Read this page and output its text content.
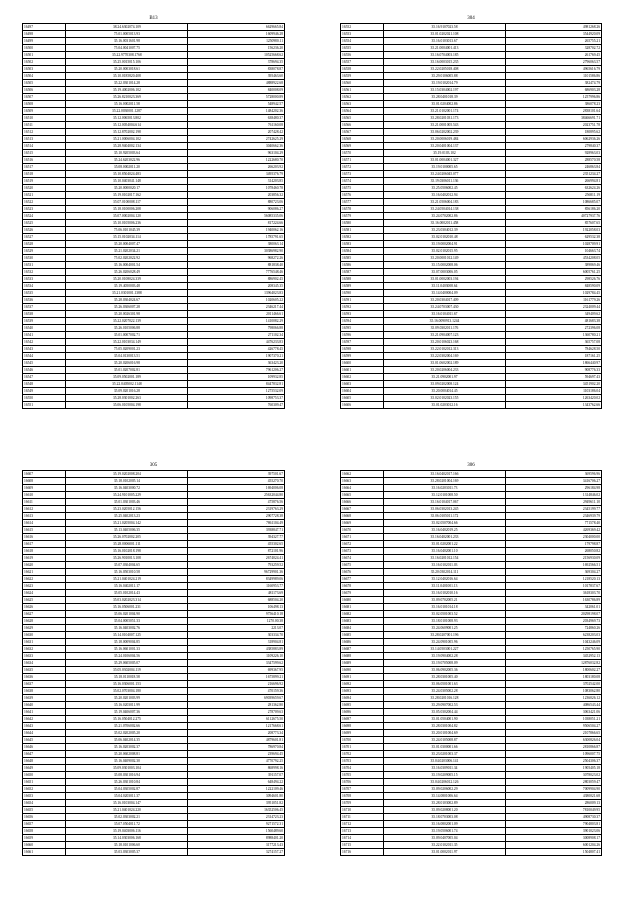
B13
16497	38.24.6302074.109	6629665.84
16498	75.01.0005013.93	1609946.28
16499	35.16.0031601.98	1250980.11
16500	75.04.0041007.75	156236.20
16501	35.22.9770308.1768	10525668.62
16502	35.25.0015015.106	378694.35
16503	35.20.0003018.61	838078.87
16504	35.10.0185820.408	395463.60
16505	35.22.0301014.28	4888922.68
16506	35.19.4002006.102	840008.09
16507	35.26.8210023.369	5728000.89
16508	35.16.0002011.58	548942.57
16509	35.22.0030001.1287	1484202.36
16510	35.12.0065013.802	638480.37
16511	35.12.0054004.614	761160.08
16512	35.12.8702002.198	207428.42
16513	35.21.0006004.102	2742625.29
16514	35.28.9404002.134	3040662.36
16515	35.10.9205003.64	963104.29
16516	35.24.6203022.96	1222680.70
16517	35.08.0002011.20	266203.92
16518	35.10.8504024.483	3495376.79
16519	35.10.0403041.148	314203.85
16520	35.20.0000020.17	1078460.78
16521	35.19.0102017.162	203856.32
16522	35.07.0100008.117	880723.06
16523	35.18.0100006.208	906086.27
16524	35.07.0002004.120	56085335.06
16525	35.10.0105006.236	817224.66
16526	75.06.0101045.39	1940062.16
16527	35.15.0102034.114	1785791.65
16528	35.20.0004007.47	380063.14
16529	35.21.0202034.21	30386982.90
16530	75.02.0202022.92	968272.26
16531	35.16.0004001.54	881838.40
16532	35.26.0206028.49	7776548.46
16533	35.20.0108024.339	886902.45
16534	35.19.4050003.48	208345.35
16535	35.21.0301001.1388	13964023.83
16536	35.28.0304024.67	1020605.22
16537	35.26.0306007.28	2346217.44
16538	35.20.0026301.98	2011466.61
16539	35.22.0207022.139	1410082.29
16540	35.26.0105006.88	798066.88
16541	35.01.0007002.71	271102.34
16542	35.22.0103034.149	4476233.83
16543	75.05.0209001.23	426778.45
16544	35.04.0130013.51	1907370.21
16545	35.20.0206016.98	363423.20
16546	35.01.0207002.81	7961206.27
16547	35.09.0502001.189	109932.85
16548	35.22.0405002.1148	8447832.81
16549	35.09.0201016.28	1275532.09
16550	35.28.0301002.263	1098753.37
16551	35.06.0105004.198	760309.47
304
16552	35.16.9107023.58	4981268.26
16553	35.01.0202021.108	3544920.09
16554	35.16.0103013.67	265755.21
16555	35.21.0004001.413	328702.72
16556	35.16.0704003.185	261769.45
16557	35.16.0003015.235	2796063.57
16558	35.22.0205018.408	4965616.79
16559	35.29.0106005.88	1101586.86
16560	35.19.0102014.79	382474.79
16561	35.15.0304002.197	686903.28
16562	35.28.0401018.39	1257996.86
16563	35.01.0204002.86	386078.23
16564	35.21.0102001.174	2838101.64
16565	35.28.0201031.173	38466691.71
16566	35.21.0001005.543	2023751.78
16567	35.06.0202002.239	180895.62
16568	35.20.0006019.484	6062936.26
16569	35.20.0401004.137	279840.37
16570	35.19.0103.102	928963.03
16571	35.01.0004001.327	288570.58
16572	35.19.0100005.65	246863.84
16573	35.24.0206045.077	2351234.27
16574	35.19.0306011.136	266994.81
16575	35.25.0506002.45	632624.26
16576	35.16.0402012.94	256811.19
16577	35.21.0506004.183	1086685.07
16578	35.24.0504014.138	856186.20
16579	35.24.0702002.86	40727937.76
16580	35.16.0002011.458	857607.65
16581	35.23.0304012.39	1922058.03
16582	35.02.0102010.48	629532.38
16583	35.19.0002004.91	1028709.91
16584	35.02.0102015.95	104663.74
16585	35.20.0001012.149	4534208.05
16586	35.15.0002008.06	389869.46
16587	35.07.0003006.05	6005761.25
16588	35.01.0002003.194	298526.76
16589	35.11.0403008.64	848590.09
16590	35.14.0400004.09	1029784.45
16591	35.20.0304017.409	1161779.26
16592	35.24.0703007.430	2324009.44
16593	35.16.0104011.67	349409.62
16594	35.16.0090913.1244	481683.38
16595	35.09.0302011.176	272396.08
16596	35.21.0904007.123	1360780.21
16597	35.20.0106023.168	365757.08
16598	35.22.0102012.313	784628.50
16599	35.22.0302004.169	187161.25
16600	35.01.0602002.189	1866440.97
16601	35.20.0206004.233	908776.33
16602	35.21.0902001.97	594697.43
16603	35.09.0202008.124	3451902.20
16604	35.20.0004014.45	1103186.04
16605	35.02.0102023.155	1263420.02
16606	35.01.0203012.16	1343762.66
305
16607	35.19.0202008.204	397501.67
16608	35.18.0102005.14	455270.70
16609	35.16.0403000.72	1694006.08
16610	35.24.9101005.229	25632044.80
16611	35.01.0301003.46	475876.56
16612	35.23.0205012.156	2319763.29
16613	35.25.0402013.23	2907728.38
16614	35.21.0205004.142	7861104.49
16615	35.13.0405006.35	3938847.71
16616	35.26.0702002.205	394327.77
16617	35.28.0006001.111	455302.65
16618	35.16.0102018.198	872101.96
16619	35.26.9010013.108	2674024.41
16620	35.07.0304004.65	793259.52
16621	35.16.0503010.58	96729901.36
16622	35.21.0401024.219	8349989.06
16623	35.16.0402011.17	1160953.77
16624	35.05.0102014.43	481173.69
16625	35.03.0202023.314	688504.20
16626	35.16.0506001.231	106498.13
16627	35.06.0201004.90	9756410.18
16628	35.04.0005051.33	1270.00.38
16629	35.16.0403002.76	2213.07
16630	35.14.0104007.125	303334.70
16631	35.18.0009004.85	318904.81
16632	35.16.0601001.33	4385883.89
16633	35.24.0106004.56	1109226.10
16634	35.29.0605005.07	3347599.62
16635	35.05.0302004.119	699367.95
16636	35.18.0110018.58	1675899.21
16637	35.16.0306001.153	216696.92
16638	35.02.0703004.180	470159.36
16639	35.20.0201003.99	69039659.67
16640	35.16.0203011.99	281362.80
16641	35.19.0406007.36	278709.63
16642	35.16.0504012.275	6112675.50
16643	35.21.0706002.66	1217668.61
16644	35.02.0202005.20	208773.34
16645	35.06.0402014.35	4879601.81
16646	35.16.0203002.37	786970.84
16647	35.20.0602008.81	239694.45
16648	35.16.0409002.30	4770792.25
16649	35.09.0301003.104	868998.16
16650	35.08.0301016.94	391157.07
16651	35.26.0301010.84	648494.22
16652	35.04.0305002.87	1222109.46
16653	35.04.0203011.37	3094601.80
16654	35.16.0103004.147	3951051.82
16655	35.21.0401024.220	16352506.45
16656	35.02.0303002.21	2314723.23
16657	35.07.0504011.72	9271572.31
16658	35.19.0403006.116	1560489.60
16659	35.14.0303006.168	8988401.20
16660	35.18.0101006.60	3177213.43
16661	35.03.0303005.37	3274157.27
306
16662	35.16.0402017.166	369596.96
16663	35.28.0201004.169	3416706.27
16664	35.16.0203011.73	296184.98
16665	35.12.0101008.50	1314846.02
16666	35.16.0104017.067	2949611.10
16667	35.06.0302013.245	2345199.77
16668	35.06.0105011.172	2346939.79
16669	35.02.0507004.66	771578.40
16670	35.16.0402019.25	4269369.42
16671	35.16.0402001.233	2304000.00
16672	35.01.0202001.22	179798.87
16673	35.16.0402001.10	268050.82
16674	35.16.0201012.154	2156930.09
16675	35.16.0102011.03	1692566.51
16676	35.20.0302014.111	369304.27
16677	35.12.0402016.64	1218520.13
16678	35.11.0401001.13	1017837.67
16679	35.16.0102010.16	3618303.70
16680	35.09.0702005.21	1630786.89
16681	35.16.0101014.18	342061.01
16682	35.02.0501003.52	20298198.07
16683	35.18.0101008.93	2034969.73
16684	35.24.0609001.25	724860.26
16685	35.28.0207001.196	6238203.03
16686	35.24.0901005.96	1043246.09
16687	35.14.0503001.227	1250765.90
16688	35.19.0904002.28	3452952.13
16689	35.19.0705008.09	12876032.82
16690	35.06.0902005.36	1800602.27
16691	35.28.0301005.40	1803180.08
16692	35.06.0501001.63	3702542.00
16693	35.24.0305002.28	1083062.80
16694	35.28.0201016.128	1236026.12
16695	35.29.0907002.53	4086543.44
16696	35.05.0302004.44	3063421.06
16697	35.01.0504001.90	1038051.21
16698	35.28.0301004.82	9506504.27
16699	35.20.0101004.69	2107866.65
16700	35.24.0105008.87	6300826.04
16701	35.01.0300001.66	2810866.87
16702	35.23.0201003.37	1096007.75
16703	35.04.0203006.141	2504306.37
16704	35.16.0309011.34	1905405.18
16705	35.19.0209005.15	3078023.02
16706	35.04.0206012.126	2803059.47
16707	35.09.0206002.29	7009904.90
16708	35.14.0801006.64	4380021.68
16709	35.28.0103002.89	286009.13
16710	35.09.0208001.20	7810049.95
16711	35.18.0703003.08	4908730.37
16712	35.16.0802001.09	7904803.81
16713	35.19.0506001.74	3901023.06
16714	35.09.0407005.04	3008908.17
16715	35.22.0102011.35	6001204.26
16716	35.01.0002011.97	1504807.41
